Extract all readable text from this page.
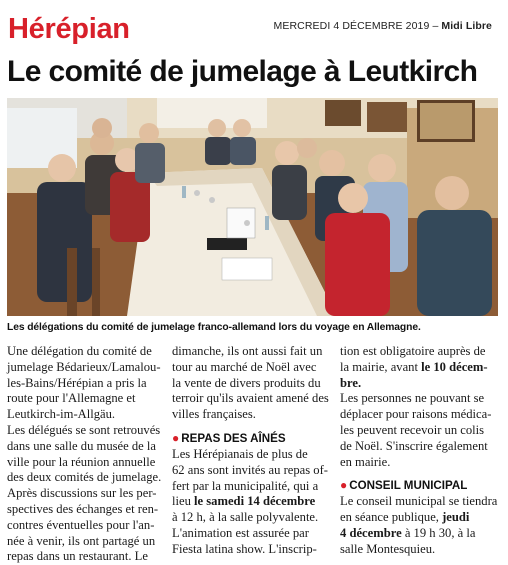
Hérépian	MERCREDI 4 DÉCEMBRE 2019 – Midi Libre
Le comité de jumelage à Leutkirch
Les délégations du comité de jumelage franco-allemand lors du voyage en Allemagne.
Une délégation du comité de
jumelage Bédarieux/Lamalou-
les-Bains/Hérépian a pris la
route pour l'Allemagne et
Leutkirch-im-Allgäu.
Les délégués se sont retrouvés
dans une salle du musée de la
ville pour la réunion annuelle
des deux comités de jumelage.
Après discussions sur les per-
spectives des échanges et ren-
contres éventuelles pour l'an-
née à venir, ils ont partagé un
repas dans un restaurant. Le
dimanche, ils ont aussi fait un
tour au marché de Noël avec
la vente de divers produits du
terroir qu'ils avaient amené des
villes françaises.
● REPAS DES AÎNÉS
Les Hérépianais de plus de
62 ans sont invités au repas of-
fert par la municipalité, qui a
lieu le samedi 14 décembre
à 12 h, à la salle polyvalente.
L'animation est assurée par
Fiesta latina show. L'inscrip-
tion est obligatoire auprès de
la mairie, avant le 10 décem-
bre.
Les personnes ne pouvant se
déplacer pour raisons médica-
les peuvent recevoir un colis
de Noël. S'inscrire également
en mairie.
● CONSEIL MUNICIPAL
Le conseil municipal se tiendra
en séance publique, jeudi
4 décembre à 19 h 30, à la
salle Montesquieu.
